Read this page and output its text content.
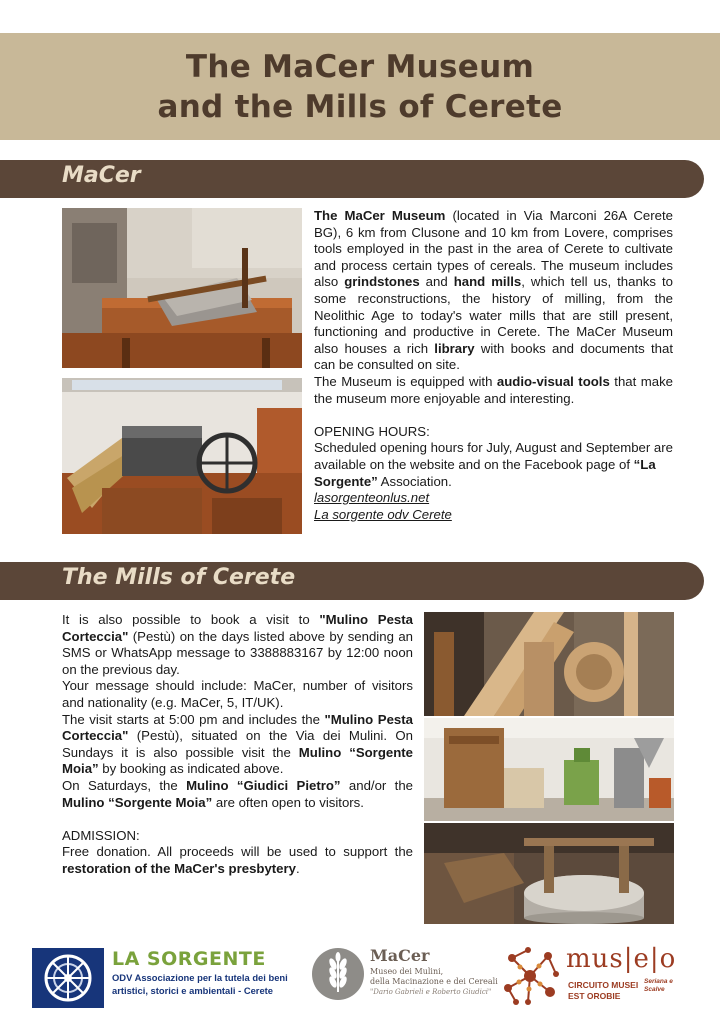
The MaCer Museum
and the Mills of Cerete
MaCer

The MaCer Museum (located in Via Marconi 26A Cerete BG), 6 km from Clusone and 10 km from Lovere, comprises tools employed in the past in the area of Cerete to cultivate and process certain types of cereals. The museum includes also grindstones and hand mills, which tell us, thanks to some reconstructions, the history of milling, from the Neolithic Age to today's water mills that are still present, functioning and productive in Cerete. The MaCer Museum also houses a rich library with books and documents that can be consulted on site.

The Museum is equipped with audio-visual tools that make the museum more enjoyable and interesting.

OPENING HOURS:

Scheduled opening hours for July, August and September are available on the website and on the Facebook page of “La Sorgente” Association.

lasorgenteonlus.net

La sorgente odv Cerete

The Mills of Cerete

It is also possible to book a visit to "Mulino Pesta Corteccia" (Pestù) on the days listed above by sending an SMS or WhatsApp message to 3388883167 by 12:00 noon on the previous day.

Your message should include: MaCer, number of visitors and nationality (e.g. MaCer, 5, IT/UK).

The visit starts at 5:00 pm and includes the "Mulino Pesta Corteccia" (Pestù), situated on the Via dei Mulini. On Sundays it is also possible visit the Mulino “Sorgente Moia” by booking as indicated above.

On Saturdays, the Mulino “Giudici Pietro” and/or the Mulino “Sorgente Moia” are often open to visitors.

ADMISSION:

Free donation. All proceeds will be used to support the restoration of the MaCer's presbytery.

LA SORGENTE
ODV Associazione per la tutela dei beni
artistici, storici e ambientali - Cerete
MaCer
Museo dei Mulini,
della Macinazione e dei Cereali
"Dario Gabrieli e Roberto Giudici"
mus|e|o
CIRCUITO MUSEI
EST OROBIE
Seriana e Scalve
